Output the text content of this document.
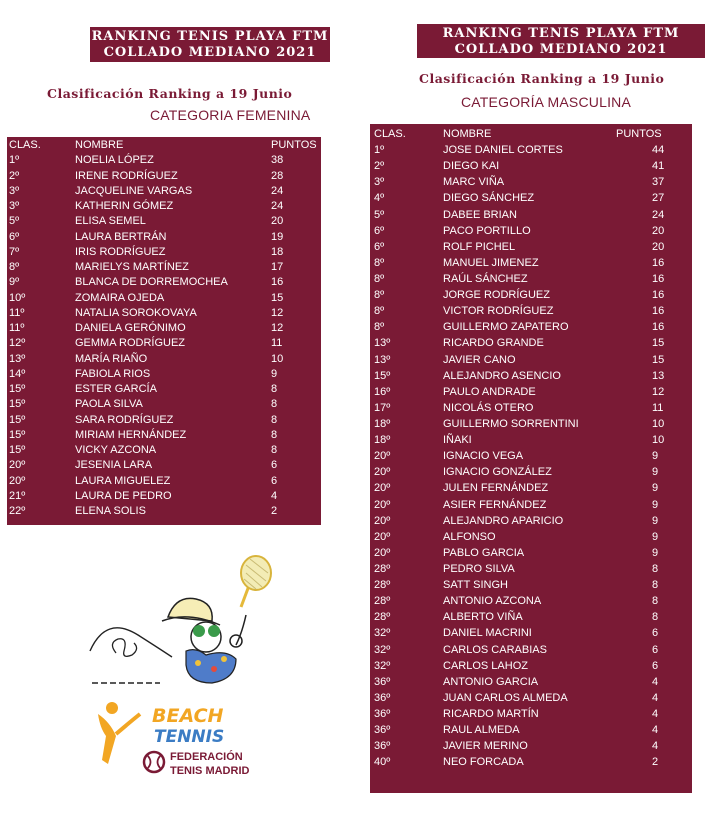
RANKING TENIS PLAYA FTM
COLLADO MEDIANO 2021
Clasificación Ranking a 19 Junio
CATEGORIA FEMENINA
RANKING TENIS PLAYA FTM
COLLADO MEDIANO 2021
Clasificación Ranking a 19 Junio
CATEGORÍA MASCULINA
CLAS.	NOMBRE	PUNTOS
1º	NOELIA LÓPEZ	38
2º	IRENE RODRÍGUEZ	28
3º	JACQUELINE VARGAS	24
3º	KATHERIN GÓMEZ	24
5º	ELISA SEMEL	20
6º	LAURA BERTRÁN	19
7º	IRIS RODRÍGUEZ	18
8º	MARIELYS MARTÍNEZ	17
9º	BLANCA DE DORREMOCHEA	16
10º	ZOMAIRA OJEDA	15
11º	NATALIA SOROKOVAYA	12
11º	DANIELA GERÓNIMO	12
12º	GEMMA RODRÍGUEZ	11
13º	MARÍA RIAÑO	10
14º	FABIOLA RIOS	9
15º	ESTER GARCÍA	8
15º	PAOLA SILVA	8
15º	SARA RODRÍGUEZ	8
15º	MIRIAM HERNÁNDEZ	8
15º	VICKY AZCONA	8
20º	JESENIA LARA	6
20º	LAURA MIGUELEZ	6
21º	LAURA DE PEDRO	4
22º	ELENA SOLIS	2
CLAS.	NOMBRE	PUNTOS
1º	JOSE DANIEL CORTES	44
2º	DIEGO KAI	41
3º	MARC VIÑA	37
4º	DIEGO SÁNCHEZ	27
5º	DABEE BRIAN	24
6º	PACO PORTILLO	20
6º	ROLF PICHEL	20
8º	MANUEL JIMENEZ	16
8º	RAÚL SÁNCHEZ	16
8º	JORGE RODRÍGUEZ	16
8º	VICTOR RODRÍGUEZ	16
8º	GUILLERMO ZAPATERO	16
13º	RICARDO GRANDE	15
13º	JAVIER CANO	15
15º	ALEJANDRO ASENCIO	13
16º	PAULO ANDRADE	12
17º	NICOLÁS OTERO	11
18º	GUILLERMO SORRENTINI	10
18º	IÑAKI	10
20º	IGNACIO VEGA	9
20º	IGNACIO GONZÁLEZ	9
20º	JULEN FERNÁNDEZ	9
20º	ASIER FERNÁNDEZ	9
20º	ALEJANDRO APARICIO	9
20º	ALFONSO	9
20º	PABLO GARCIA	9
28º	PEDRO SILVA	8
28º	SATT SINGH	8
28º	ANTONIO AZCONA	8
28º	ALBERTO VIÑA	8
32º	DANIEL MACRINI	6
32º	CARLOS CARABIAS	6
32º	CARLOS LAHOZ	6
36º	ANTONIO GARCIA	4
36º	JUAN CARLOS ALMEDA	4
36º	RICARDO MARTÍN	4
36º	RAUL ALMEDA	4
36º	JAVIER MERINO	4
40º	NEO FORCADA	2
BEACH
TENNIS
FEDERACIÓN
TENIS MADRID
